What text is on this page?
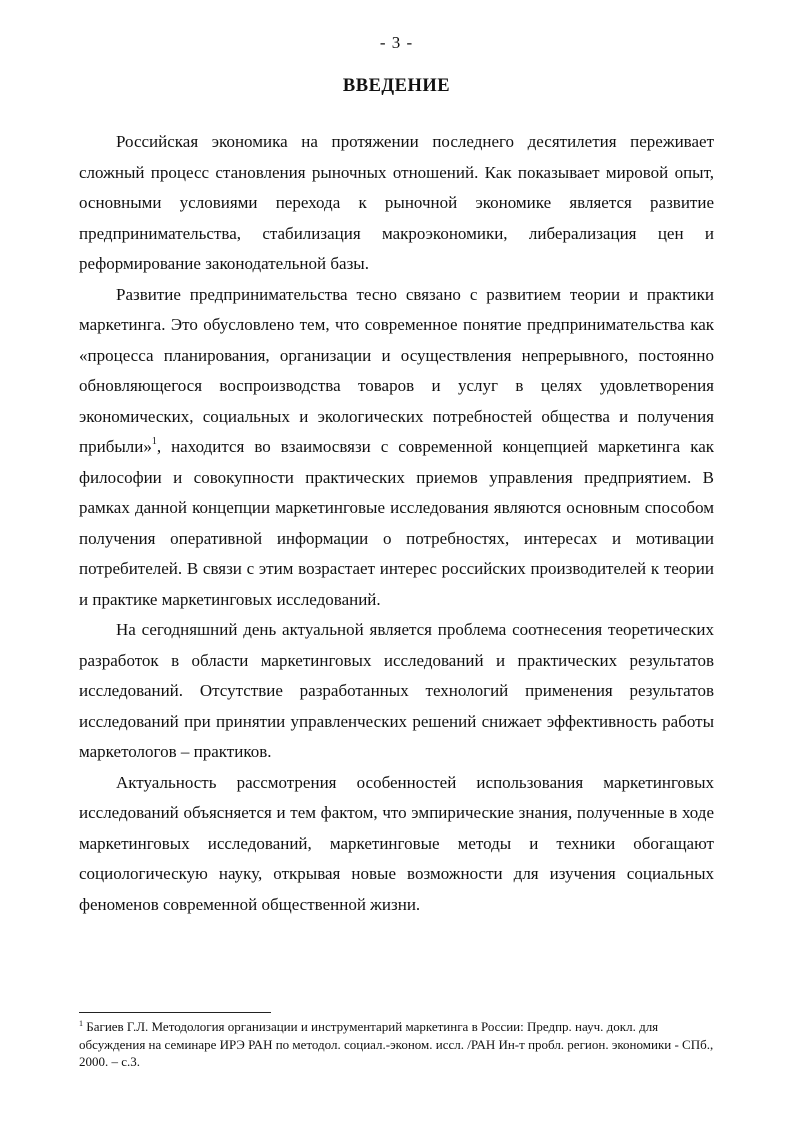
- 3 -
ВВЕДЕНИЕ

Российская экономика на протяжении последнего десятилетия переживает сложный процесс становления рыночных отношений. Как показывает мировой опыт, основными условиями перехода к рыночной экономике является развитие предпринимательства, стабилизация макроэкономики, либерализация цен и реформирование законодательной базы.

Развитие предпринимательства тесно связано с развитием теории и практики маркетинга. Это обусловлено тем, что современное понятие предпринимательства как «процесса планирования, организации и осуществления непрерывного, постоянно обновляющегося воспроизводства товаров и услуг в целях удовлетворения экономических, социальных и экологических потребностей общества и получения прибыли»$^1$, находится во взаимосвязи с современной концепцией маркетинга как философии и совокупности практических приемов управления предприятием. В рамках данной концепции маркетинговые исследования являются основным способом получения оперативной информации о потребностях, интересах и мотивации потребителей. В связи с этим возрастает интерес российских производителей к теории и практике маркетинговых исследований.

На сегодняшний день актуальной является проблема соотнесения теоретических разработок в области маркетинговых исследований и практических результатов исследований. Отсутствие разработанных технологий применения результатов исследований при принятии управленческих решений снижает эффективность работы маркетологов – практиков.

Актуальность рассмотрения особенностей использования маркетинговых исследований объясняется и тем фактом, что эмпирические знания, полученные в ходе маркетинговых исследований, маркетинговые методы и техники обогащают социологическую науку, открывая новые возможности для изучения социальных феноменов современной общественной жизни.

$^1$ Багиев Г.Л. Методология организации и инструментарий маркетинга в России: Предпр. науч. докл. для обсуждения на семинаре ИРЭ РАН по методол. социал.-эконом. иссл. /РАН Ин-т пробл. регион. экономики - СПб., 2000. – с.3.
